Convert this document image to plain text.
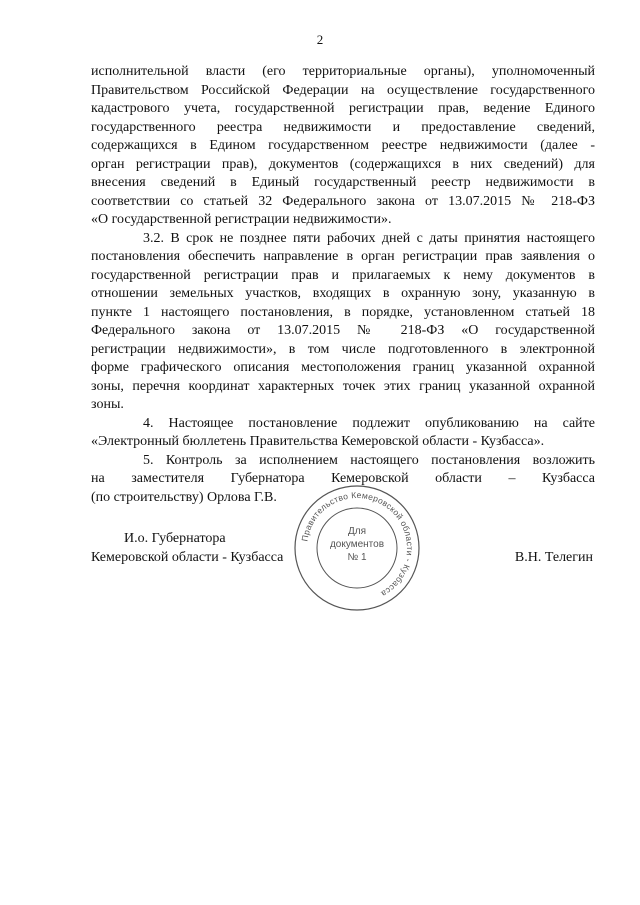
2
исполнительной власти (его территориальные органы), уполномоченный
Правительством Российской Федерации на осуществление государственного
кадастрового учета, государственной регистрации прав, ведение Единого
государственного реестра недвижимости и предоставление сведений,
содержащихся в Едином государственном реестре недвижимости (далее -
орган регистрации прав), документов (содержащихся в них сведений) для
внесения сведений в Единый государственный реестр недвижимости в
соответствии со статьей 32 Федерального закона от 13.07.2015 № 218-ФЗ
«О государственной регистрации недвижимости».
3.2. В срок не позднее пяти рабочих дней с даты принятия настоящего
постановления обеспечить направление в орган регистрации прав заявления о
государственной регистрации прав и прилагаемых к нему документов в
отношении земельных участков, входящих в охранную зону, указанную в
пункте 1 настоящего постановления, в порядке, установленном статьей 18
Федерального закона от 13.07.2015 № 218-ФЗ «О государственной
регистрации недвижимости», в том числе подготовленного в электронной
форме графического описания местоположения границ указанной охранной
зоны, перечня координат характерных точек этих границ указанной охранной
зоны.
4. Настоящее постановление подлежит опубликованию на сайте
«Электронный бюллетень Правительства Кемеровской области - Кузбасса».
5. Контроль за исполнением настоящего постановления возложить
на заместителя Губернатора Кемеровской области – Кузбасса
(по строительству) Орлова Г.В.
И.о. Губернатора
Кемеровской области - Кузбасса	В.Н. Телегин
Правительство Кемеровской области - Кузбасса
Для
документов
№ 1
